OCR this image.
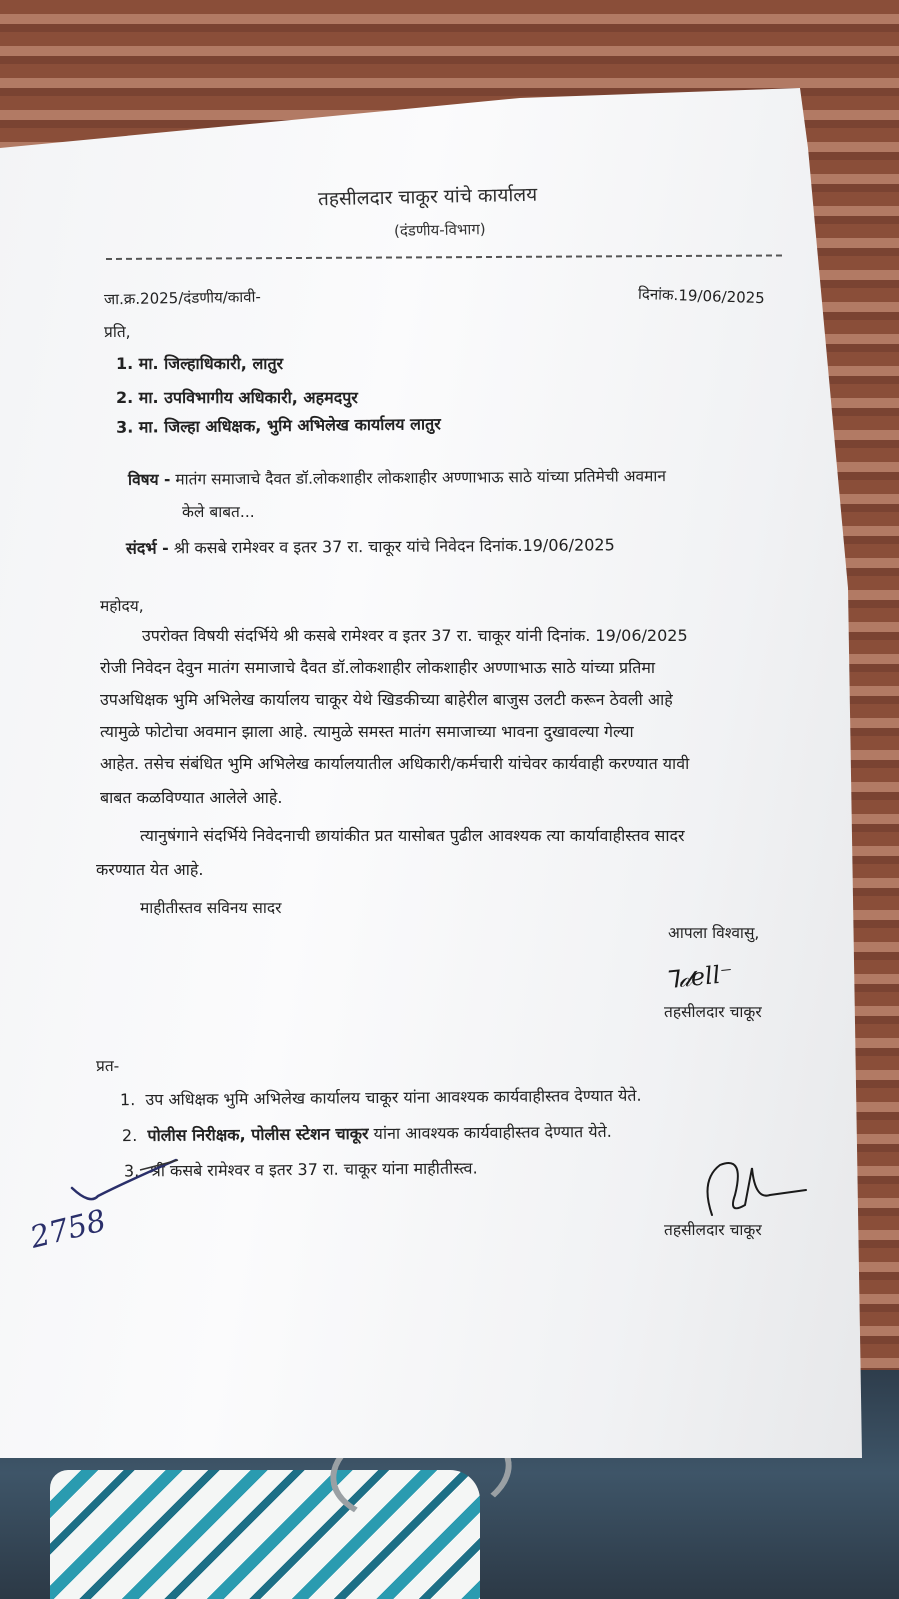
तहसीलदार चाकूर यांचे कार्यालय
(दंडणीय-विभाग)
जा.क्र.2025/दंडणीय/कावी-	दिनांक.19/06/2025
प्रति,
1. मा. जिल्हाधिकारी, लातुर
2. मा. उपविभागीय अधिकारी, अहमदपुर
3. मा. जिल्हा अधिक्षक, भुमि अभिलेख कार्यालय लातुर
विषय - मातंग समाजाचे दैवत डॉ.लोकशाहीर लोकशाहीर अण्णाभाऊ साठे यांच्या प्रतिमेची अवमान
केले बाबत...
संदर्भ - श्री कसबे रामेश्वर व इतर 37 रा. चाकूर यांचे निवेदन दिनांक.19/06/2025
महोदय,
उपरोक्त विषयी संदर्भिये श्री कसबे रामेश्वर व इतर 37 रा. चाकूर यांनी दिनांक. 19/06/2025
रोजी निवेदन देवुन मातंग समाजाचे दैवत डॉ.लोकशाहीर लोकशाहीर अण्णाभाऊ साठे यांच्या प्रतिमा
उपअधिक्षक भुमि अभिलेख कार्यालय चाकूर येथे खिडकीच्या बाहेरील बाजुस उलटी करून ठेवली आहे
त्यामुळे फोटोचा अवमान झाला आहे. त्यामुळे समस्त मातंग समाजाच्या भावना दुखावल्या गेल्या
आहेत. तसेच संबंधित भुमि अभिलेख कार्यालयातील अधिकारी/कर्मचारी यांचेवर कार्यवाही करण्यात यावी
बाबत कळविण्यात आलेले आहे.
त्यानुषंगाने संदर्भिये निवेदनाची छायांकीत प्रत यासोबत पुढील आवश्यक त्या कार्यावाहीस्तव सादर
करण्यात येत आहे.
माहीतीस्तव सविनय सादर
आपला विश्वासु,
ᒣ𝒹ell⁻
तहसीलदार चाकूर
प्रत-
1. उप अधिक्षक भुमि अभिलेख कार्यालय चाकूर यांना आवश्यक कार्यवाहीस्तव देण्यात येते.
2. पोलीस निरीक्षक, पोलीस स्टेशन चाकूर यांना आवश्यक कार्यवाहीस्तव देण्यात येते.
3. श्री कसबे रामेश्वर व इतर 37 रा. चाकूर यांना माहीतीस्त्व.
2758	तहसीलदार चाकूर
